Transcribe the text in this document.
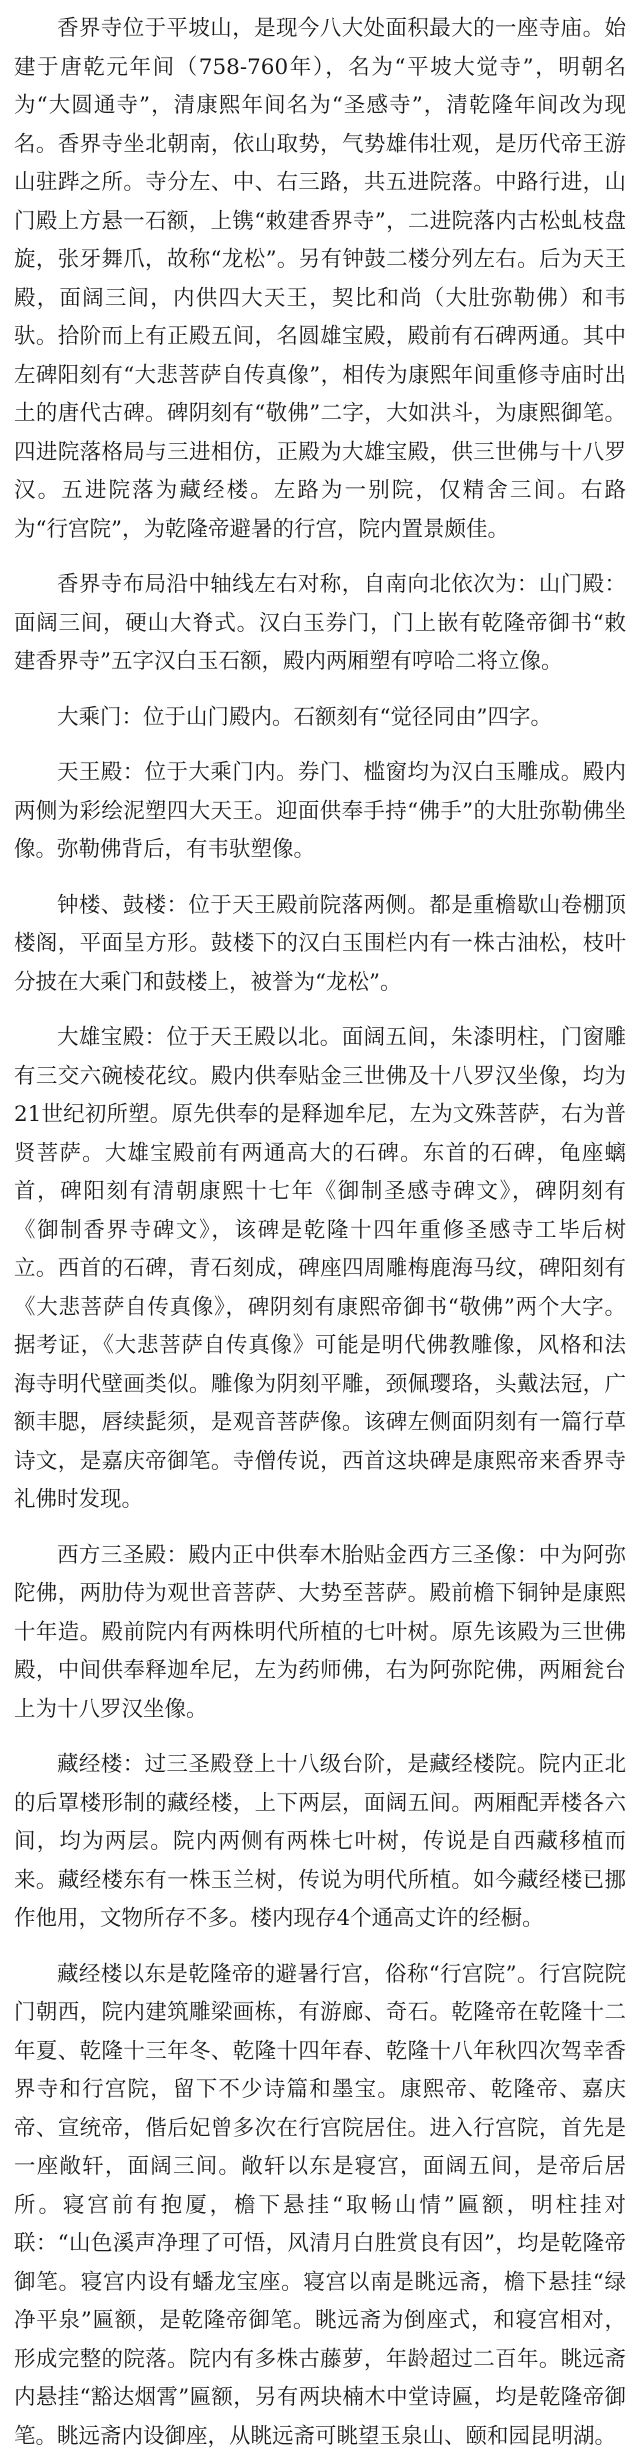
香界寺位于平坡山，是现今八大处面积最大的一座寺庙。始建于唐乾元年间（758-760年），名为“平坡大觉寺”，明朝名为“大圆通寺”，清康熙年间名为“圣感寺”，清乾隆年间改为现名。香界寺坐北朝南，依山取势，气势雄伟壮观，是历代帝王游山驻跸之所。寺分左、中、右三路，共五进院落。中路行进，山门殿上方悬一石额，上镌“敕建香界寺”，二进院落内古松虬枝盘旋，张牙舞爪，故称“龙松”。另有钟鼓二楼分列左右。后为天王殿，面阔三间，内供四大天王，契比和尚（大肚弥勒佛）和韦驮。拾阶而上有正殿五间，名圆雄宝殿，殿前有石碑两通。其中左碑阳刻有“大悲菩萨自传真像”，相传为康熙年间重修寺庙时出土的唐代古碑。碑阴刻有“敬佛”二字，大如洪斗，为康熙御笔。四进院落格局与三进相仿，正殿为大雄宝殿，供三世佛与十八罗汉。五进院落为藏经楼。左路为一别院，仅精舍三间。右路为“行宫院”，为乾隆帝避暑的行宫，院内置景颇佳。

香界寺布局沿中轴线左右对称，自南向北依次为：山门殿：面阔三间，硬山大脊式。汉白玉券门，门上嵌有乾隆帝御书“敕建香界寺”五字汉白玉石额，殿内两厢塑有哼哈二将立像。

大乘门：位于山门殿内。石额刻有“觉径同由”四字。

天王殿：位于大乘门内。券门、槛窗均为汉白玉雕成。殿内两侧为彩绘泥塑四大天王。迎面供奉手持“佛手”的大肚弥勒佛坐像。弥勒佛背后，有韦驮塑像。

钟楼、鼓楼：位于天王殿前院落两侧。都是重檐歇山卷棚顶楼阁，平面呈方形。鼓楼下的汉白玉围栏内有一株古油松，枝叶分披在大乘门和鼓楼上，被誉为“龙松”。

大雄宝殿：位于天王殿以北。面阔五间，朱漆明柱，门窗雕有三交六碗棱花纹。殿内供奉贴金三世佛及十八罗汉坐像，均为21世纪初所塑。原先供奉的是释迦牟尼，左为文殊菩萨，右为普贤菩萨。大雄宝殿前有两通高大的石碑。东首的石碑，龟座螭首，碑阳刻有清朝康熙十七年《御制圣感寺碑文》，碑阴刻有《御制香界寺碑文》，该碑是乾隆十四年重修圣感寺工毕后树立。西首的石碑，青石刻成，碑座四周雕梅鹿海马纹，碑阳刻有《大悲菩萨自传真像》，碑阴刻有康熙帝御书“敬佛”两个大字。据考证，《大悲菩萨自传真像》可能是明代佛教雕像，风格和法海寺明代壁画类似。雕像为阴刻平雕，颈佩璎珞，头戴法冠，广额丰腮，唇续髭须，是观音菩萨像。该碑左侧面阴刻有一篇行草诗文，是嘉庆帝御笔。寺僧传说，西首这块碑是康熙帝来香界寺礼佛时发现。

西方三圣殿：殿内正中供奉木胎贴金西方三圣像：中为阿弥陀佛，两肋侍为观世音菩萨、大势至菩萨。殿前檐下铜钟是康熙十年造。殿前院内有两株明代所植的七叶树。原先该殿为三世佛殿，中间供奉释迦牟尼，左为药师佛，右为阿弥陀佛，两厢瓮台上为十八罗汉坐像。

藏经楼：过三圣殿登上十八级台阶，是藏经楼院。院内正北的后罩楼形制的藏经楼，上下两层，面阔五间。两厢配弄楼各六间，均为两层。院内两侧有两株七叶树，传说是自西藏移植而来。藏经楼东有一株玉兰树，传说为明代所植。如今藏经楼已挪作他用，文物所存不多。楼内现存4个通高丈许的经橱。

藏经楼以东是乾隆帝的避暑行宫，俗称“行宫院”。行宫院院门朝西，院内建筑雕梁画栋，有游廊、奇石。乾隆帝在乾隆十二年夏、乾隆十三年冬、乾隆十四年春、乾隆十八年秋四次驾幸香界寺和行宫院，留下不少诗篇和墨宝。康熙帝、乾隆帝、嘉庆帝、宣统帝，偕后妃曾多次在行宫院居住。进入行宫院，首先是一座敞轩，面阔三间。敞轩以东是寝宫，面阔五间，是帝后居所。寝宫前有抱厦，檐下悬挂“取畅山情”匾额，明柱挂对联：“山色溪声净理了可悟，风清月白胜赏良有因”，均是乾隆帝御笔。寝宫内设有蟠龙宝座。寝宫以南是眺远斋，檐下悬挂“绿净平泉”匾额，是乾隆帝御笔。眺远斋为倒座式，和寝宫相对，形成完整的院落。院内有多株古藤萝，年龄超过二百年。眺远斋内悬挂“豁达烟霄”匾额，另有两块楠木中堂诗匾，均是乾隆帝御笔。眺远斋内设御座，从眺远斋可眺望玉泉山、颐和园昆明湖。
